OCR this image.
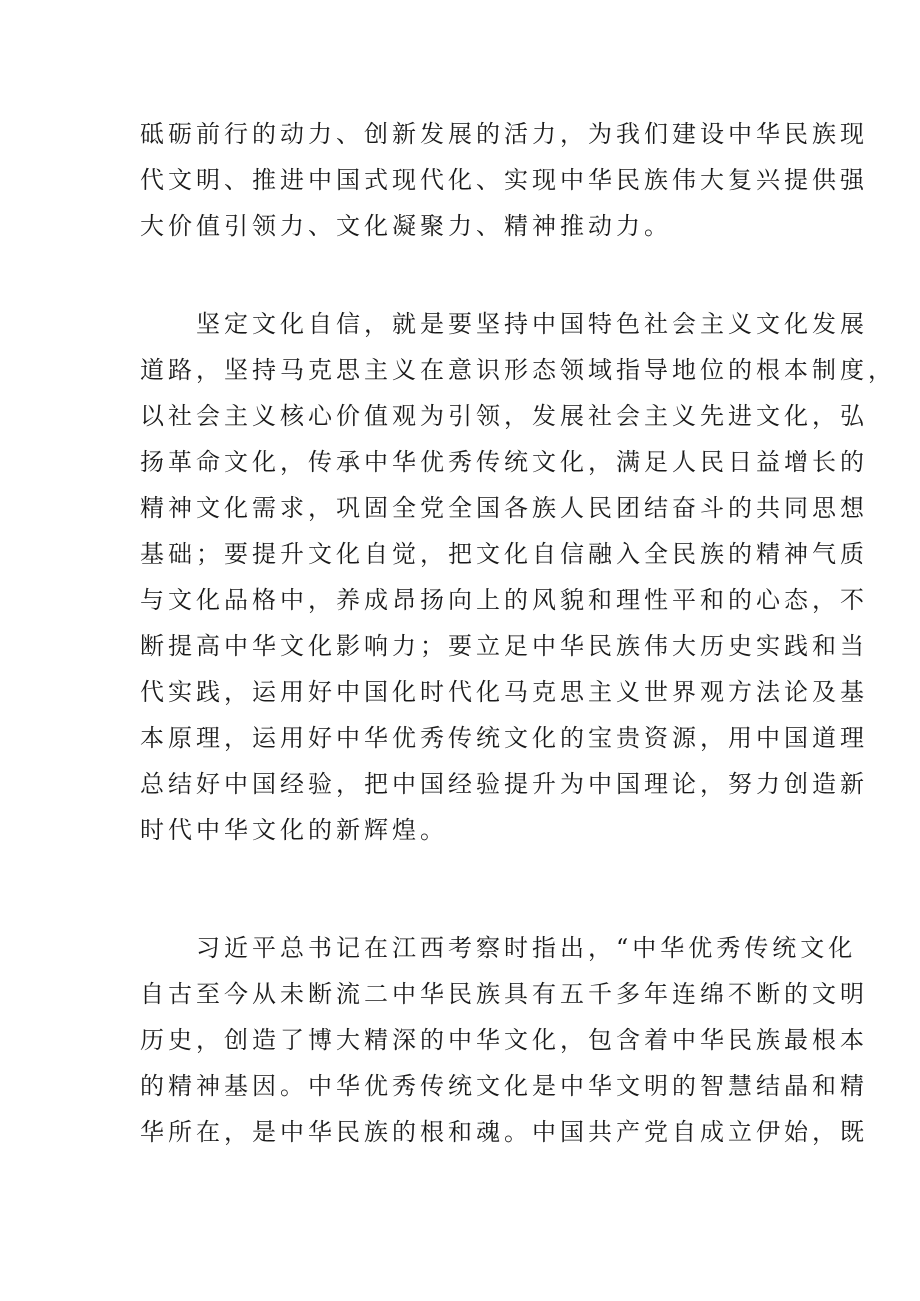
砥砺前行的动力、创新发展的活力，为我们建设中华民族现
代文明、推进中国式现代化、实现中华民族伟大复兴提供强
大价值引领力、文化凝聚力、精神推动力。
坚定文化自信，就是要坚持中国特色社会主义文化发展
道路，坚持马克思主义在意识形态领域指导地位的根本制度，
以社会主义核心价值观为引领，发展社会主义先进文化，弘
扬革命文化，传承中华优秀传统文化，满足人民日益增长的
精神文化需求，巩固全党全国各族人民团结奋斗的共同思想
基础；要提升文化自觉，把文化自信融入全民族的精神气质
与文化品格中，养成昂扬向上的风貌和理性平和的心态，不
断提高中华文化影响力；要立足中华民族伟大历史实践和当
代实践，运用好中国化时代化马克思主义世界观方法论及基
本原理，运用好中华优秀传统文化的宝贵资源，用中国道理
总结好中国经验，把中国经验提升为中国理论，努力创造新
时代中华文化的新辉煌。
习近平总书记在江西考察时指出，“中华优秀传统文化
自古至今从未断流二中华民族具有五千多年连绵不断的文明
历史，创造了博大精深的中华文化，包含着中华民族最根本
的精神基因。中华优秀传统文化是中华文明的智慧结晶和精
华所在，是中华民族的根和魂。中国共产党自成立伊始，既
